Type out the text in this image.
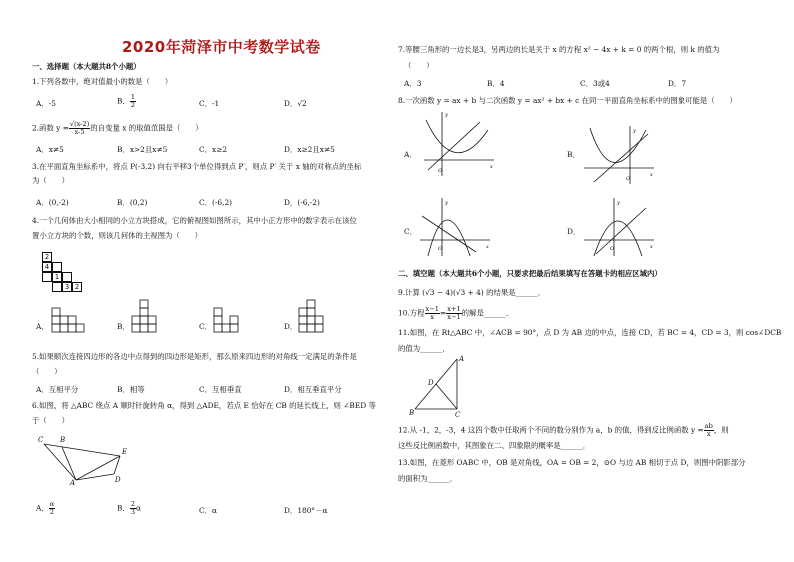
2020年菏泽市中考数学试卷
一、选择题（本大题共8个小题）
1.下列各数中，绝对值最小的数是（　　）
A．-5	B． $\frac{1}{2}$	C．-1	D．√2
2.函数 $y = \frac{√(x-2)}{x-5}$ 的自变量 x 的取值范围是（　　）
A．x≠5	B．x>2且x≠5	C．x≥2	D．x≥2且x≠5
3.在平面直角坐标系中，将点 P(-3,2) 向右平移3个单位得到点 P′，则点 P′ 关于 x 轴的对称点的坐标
为（　　）
A．(0,-2)	B．(0,2)	C．(-6,2)	D．(-6,-2)
4.一个几何体由大小相同的小立方块搭成，它的俯视图如图所示，其中小正方形中的数字表示在该位
置小立方块的个数，则该几何体的主视图为（　　）
2
4
1
3 2
A．	B．	C．	D．
5.如果顺次连接四边形的各边中点得到的四边形是矩形，那么原来四边形的对角线一定满足的条件是
（　　）
A．互相平分	B．相等	C．互相垂直	D．相互垂直平分
6.如图，将 △ABC 绕点 A 顺时针旋转角 α，得到 △ADE，若点 E 恰好在 CB 的延长线上，则 ∠BED 等
于（　　）
C B
E
A	D
A． $\frac{\alpha}{2}$	B． $\frac{2}{3}$ α	C．α	D．180°－α
7.等腰三角形的一边长是3，另两边的长是关于 x 的方程 x² − 4x + k = 0 的两个根，则 k 的值为
（　　）
A．3	B．4	C．3或4	D．7
8.一次函数 y = ax + b 与二次函数 y = ax² + bx + c 在同一平面直角坐标系中的图象可能是（　　）
A．
O
y
x
B．
O
y
x
C．
O
y
x
D．
O
y
x
二、填空题（本大题共6个小题，只要求把最后结果填写在答题卡的相应区域内）
9.计算 (√3 − 4)(√3 + 4) 的结果是______．
10.方程 $\frac{x-1}{x} = \frac{x+1}{x-1}$ 的解是______．
11.如图，在 Rt△ABC 中，∠ACB = 90°，点 D 为 AB 边的中点，连接 CD，若 BC = 4，CD = 3，则 cos∠DCB
的值为______．
A
D
B	C
12.从 -1，2，-3，4 这四个数中任取两个不同的数分别作为 a，b 的值，得到反比例函数 $y = \frac{ab}{x}$ ，则
这些反比例函数中，其图象在二、四象限的概率是______．
13.如图，在菱形 OABC 中，OB 是对角线，OA = OB = 2，⊙O 与边 AB 相切于点 D，则图中阴影部分
的面积为______．
